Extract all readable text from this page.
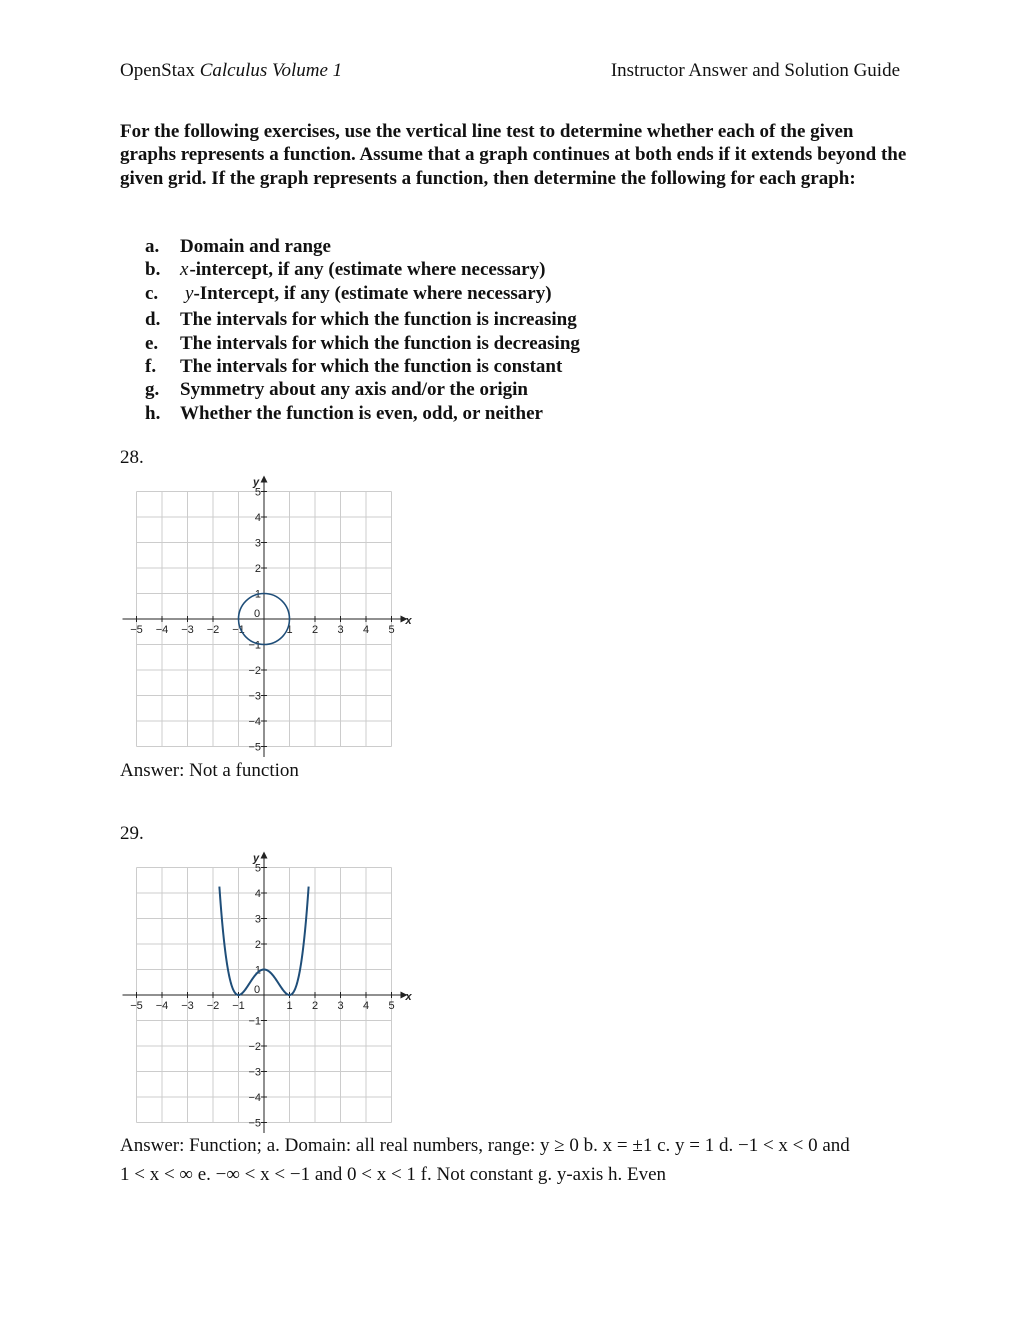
OpenStax Calculus Volume 1	Instructor Answer and Solution Guide
For the following exercises, use the vertical line test to determine whether each of the given graphs represents a function. Assume that a graph continues at both ends if it extends beyond the given grid. If the graph represents a function, then determine the following for each graph:
a.	Domain and range
b.	x -intercept, if any (estimate where necessary)
c.	y -Intercept, if any (estimate where necessary)
d.	The intervals for which the function is increasing
e.	The intervals for which the function is decreasing
f.	The intervals for which the function is constant
g.	Symmetry about any axis and/or the origin
h.	Whether the function is even, odd, or neither
28.
x
y
−5 −4 −3 −2 −1
0
1 2 3 4 5
5
4
3
2
1
−1
−2
−3
−4
−5
Answer: Not a function
29.
x
y
−5 −4 −3 −2 −1
0
1 2 3 4 5
5
4
3
2
1
−1
−2
−3
−4
−5
Answer: Function; a. Domain: all real numbers, range: y ≥ 0 b. x = ±1 c. y = 1 d. −1 < x < 0 and
1 < x < ∞ e. −∞ < x < −1 and 0 < x < 1 f. Not constant g. y-axis h. Even
